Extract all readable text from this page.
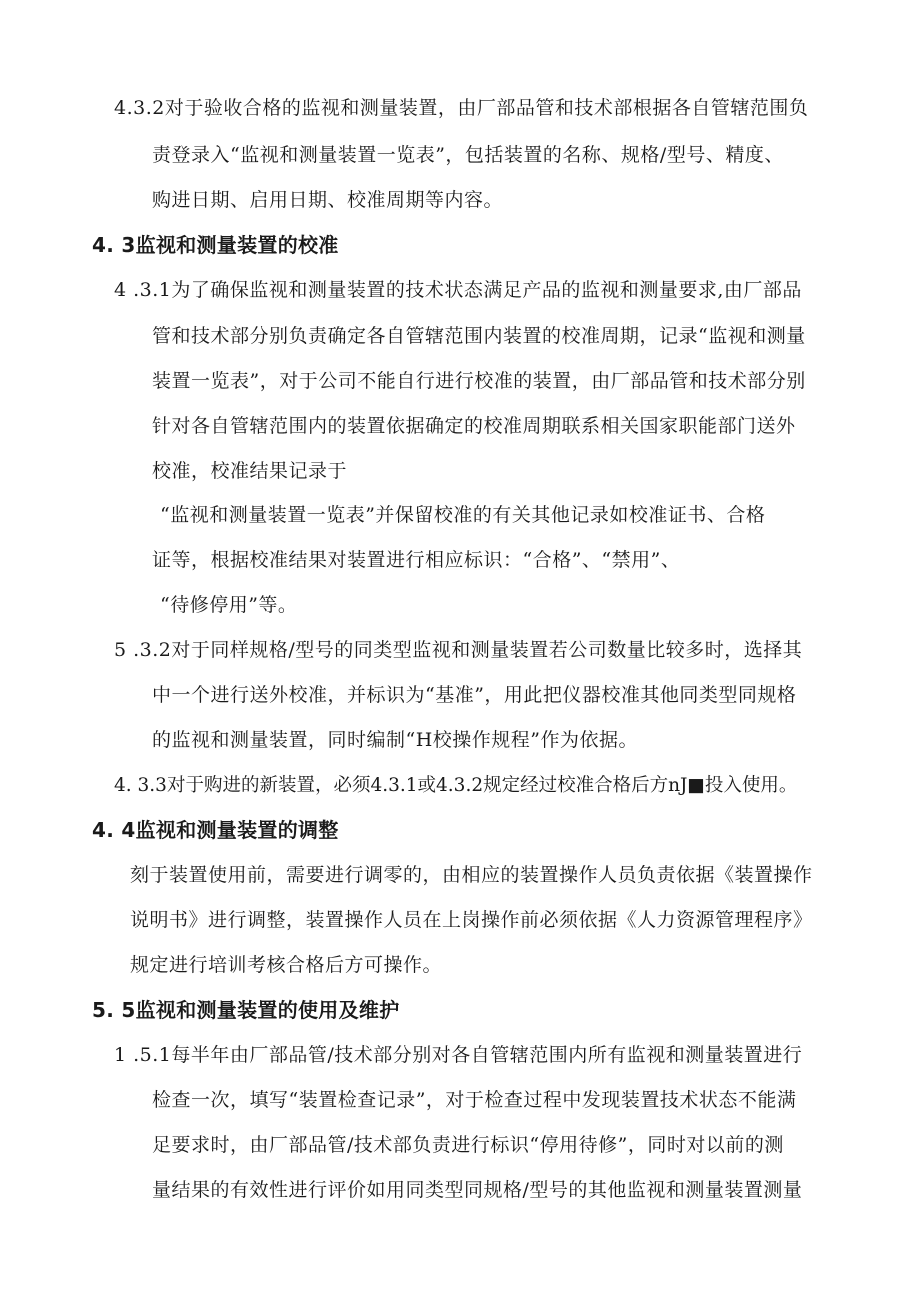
4.3.2对于验收合格的监视和测量装置，由厂部品管和技术部根据各自管辖范围负
责登录入“监视和测量装置一览表”，包括装置的名称、规格/型号、精度、
购进日期、启用日期、校准周期等内容。
4. 3监视和测量装置的校准
4 .3.1为了确保监视和测量装置的技术状态满足产品的监视和测量要求,由厂部品
管和技术部分别负责确定各自管辖范围内装置的校准周期，记录“监视和测量
装置一览表”，对于公司不能自行进行校准的装置，由厂部品管和技术部分别
针对各自管辖范围内的装置依据确定的校准周期联系相关国家职能部门送外
校准，校准结果记录于
“监视和测量装置一览表”并保留校准的有关其他记录如校准证书、合格
证等，根据校准结果对装置进行相应标识：“合格”、“禁用”、
“待修停用”等。
5 .3.2对于同样规格/型号的同类型监视和测量装置若公司数量比较多时，选择其
中一个进行送外校准，并标识为“基准”，用此把仪器校准其他同类型同规格
的监视和测量装置，同时编制“H校操作规程”作为依据。
4. 3.3对于购进的新装置，必须4.3.1或4.3.2规定经过校准合格后方nJ■投入使用。
4. 4监视和测量装置的调整
刻于装置使用前，需要进行调零的，由相应的装置操作人员负责依据《装置操作
说明书》进行调整，装置操作人员在上岗操作前必须依据《人力资源管理程序》
规定进行培训考核合格后方可操作。
5. 5监视和测量装置的使用及维护
1 .5.1每半年由厂部品管/技术部分别对各自管辖范围内所有监视和测量装置进行
检查一次，填写“装置检查记录”，对于检查过程中发现装置技术状态不能满
足要求时，由厂部品管/技术部负责进行标识“停用待修”，同时对以前的测
量结果的有效性进行评价如用同类型同规格/型号的其他监视和测量装置测量
